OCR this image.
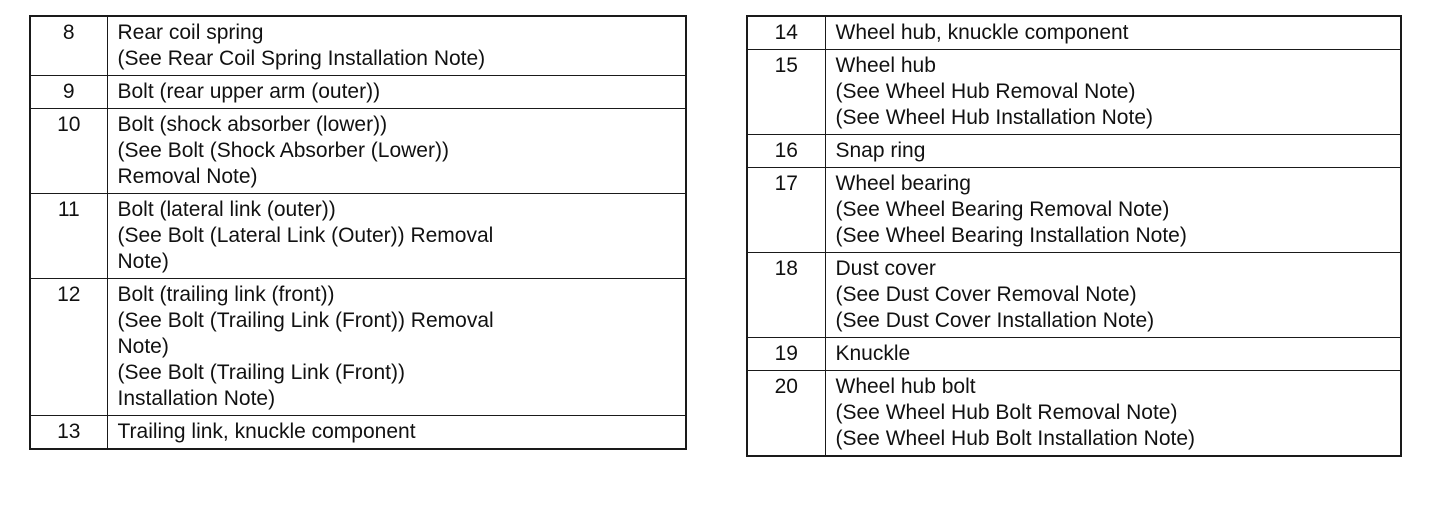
8	Rear coil spring
(See Rear Coil Spring Installation Note)

9	Bolt (rear upper arm (outer))

10	Bolt (shock absorber (lower))
(See Bolt (Shock Absorber (Lower))
Removal Note)

11	Bolt (lateral link (outer))
(See Bolt (Lateral Link (Outer)) Removal
Note)

12	Bolt (trailing link (front))
(See Bolt (Trailing Link (Front)) Removal
Note)
(See Bolt (Trailing Link (Front))
Installation Note)

13	Trailing link, knuckle component
14	Wheel hub, knuckle component

15	Wheel hub
(See Wheel Hub Removal Note)
(See Wheel Hub Installation Note)

16	Snap ring

17	Wheel bearing
(See Wheel Bearing Removal Note)
(See Wheel Bearing Installation Note)

18	Dust cover
(See Dust Cover Removal Note)
(See Dust Cover Installation Note)

19	Knuckle

20	Wheel hub bolt
(See Wheel Hub Bolt Removal Note)
(See Wheel Hub Bolt Installation Note)
